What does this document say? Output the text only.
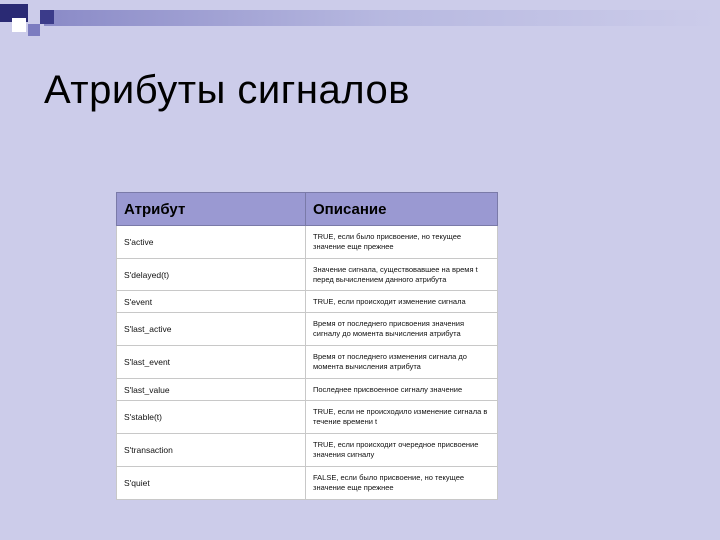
Атрибуты сигналов
Атрибут	Описание
S'active	TRUE, если было присвоение, но текущее значение еще прежнее
S'delayed(t)	Значение сигнала, существовавшее на время t перед вычислением данного атрибута
S'event	TRUE, если происходит изменение сигнала
S'last_active	Время от последнего присвоения значения сигналу до момента вычисления атрибута
S'last_event	Время от последнего изменения сигнала до момента вычисления атрибута
S'last_value	Последнее присвоенное сигналу значение
S'stable(t)	TRUE, если не происходило изменение сигнала в течение времени t
S'transaction	TRUE, если происходит очередное присвоение значения сигналу
S'quiet	FALSE, если было присвоение, но текущее значение еще прежнее
